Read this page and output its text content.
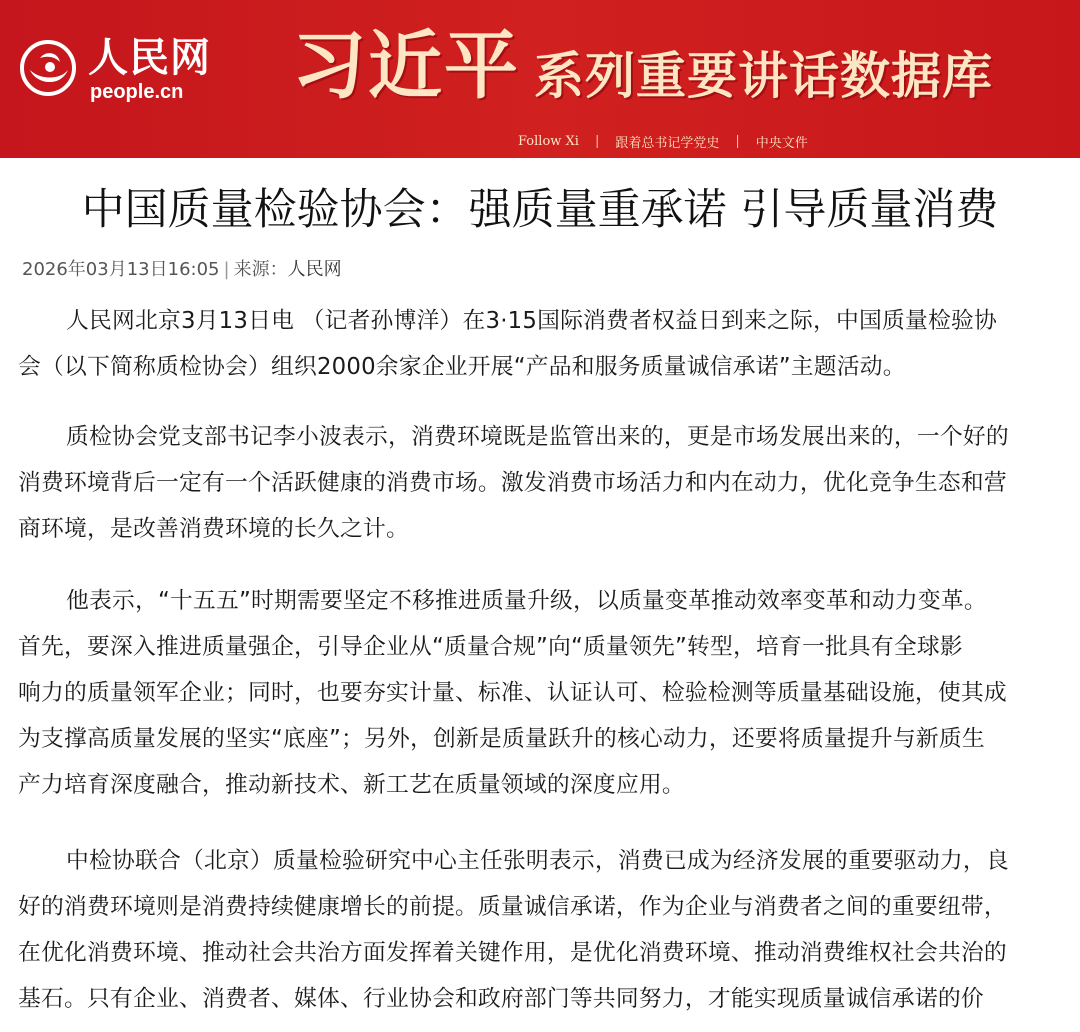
人民网
people.cn 习近平 系列重要讲话数据库
Follow Xi	|	跟着总书记学党史	|	中央文件
中国质量检验协会：强质量重承诺 引导质量消费
2026年03月13日16:05 | 来源：人民网
人民网北京3月13日电 （记者孙博洋）在3·15国际消费者权益日到来之际，中国质量检验协
会（以下简称质检协会）组织2000余家企业开展“产品和服务质量诚信承诺”主题活动。
质检协会党支部书记李小波表示，消费环境既是监管出来的，更是市场发展出来的，一个好的
消费环境背后一定有一个活跃健康的消费市场。激发消费市场活力和内在动力，优化竞争生态和营
商环境，是改善消费环境的长久之计。
他表示，“十五五”时期需要坚定不移推进质量升级，以质量变革推动效率变革和动力变革。
首先，要深入推进质量强企，引导企业从“质量合规”向“质量领先”转型，培育一批具有全球影
响力的质量领军企业；同时，也要夯实计量、标准、认证认可、检验检测等质量基础设施，使其成
为支撑高质量发展的坚实“底座”；另外，创新是质量跃升的核心动力，还要将质量提升与新质生
产力培育深度融合，推动新技术、新工艺在质量领域的深度应用。
中检协联合（北京）质量检验研究中心主任张明表示，消费已成为经济发展的重要驱动力，良
好的消费环境则是消费持续健康增长的前提。质量诚信承诺，作为企业与消费者之间的重要纽带，
在优化消费环境、推动社会共治方面发挥着关键作用，是优化消费环境、推动消费维权社会共治的
基石。只有企业、消费者、媒体、行业协会和政府部门等共同努力，才能实现质量诚信承诺的价
